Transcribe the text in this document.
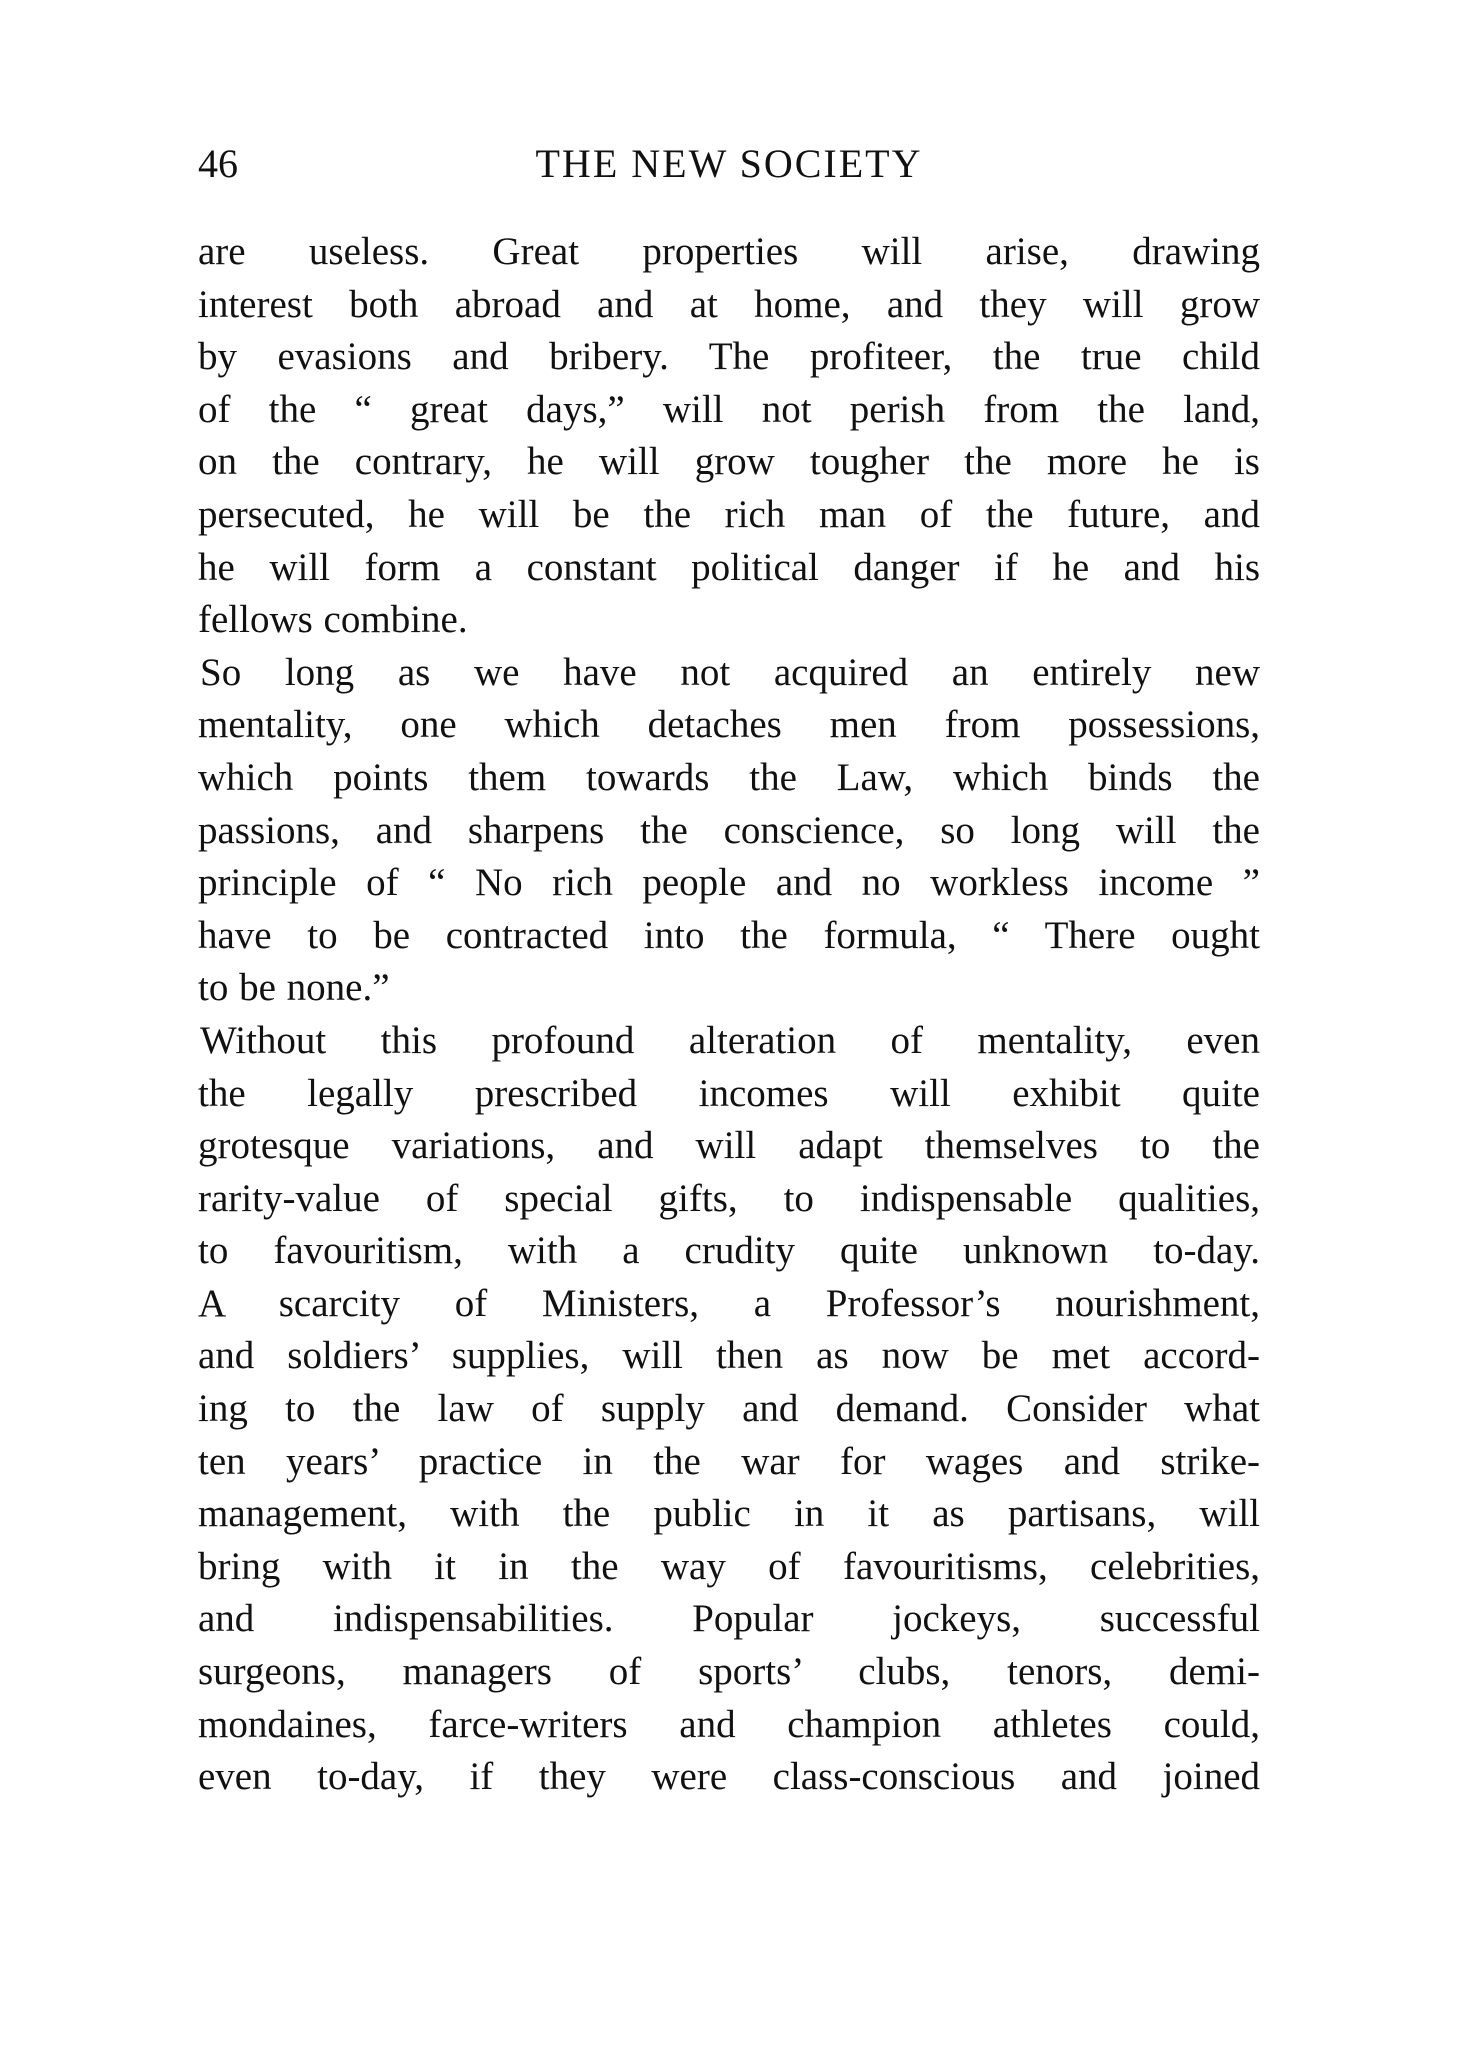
46	THE NEW SOCIETY
are useless. Great properties will arise, drawing
interest both abroad and at home, and they will grow
by evasions and bribery. The profiteer, the true child
of the “ great days,” will not perish from the land,
on the contrary, he will grow tougher the more he is
persecuted, he will be the rich man of the future, and
he will form a constant political danger if he and his
fellows combine.
So long as we have not acquired an entirely new
mentality, one which detaches men from possessions,
which points them towards the Law, which binds the
passions, and sharpens the conscience, so long will the
principle of “ No rich people and no workless income ”
have to be contracted into the formula, “ There ought
to be none.”
Without this profound alteration of mentality, even
the legally prescribed incomes will exhibit quite
grotesque variations, and will adapt themselves to the
rarity-value of special gifts, to indispensable qualities,
to favouritism, with a crudity quite unknown to-day.
A scarcity of Ministers, a Professor’s nourishment,
and soldiers’ supplies, will then as now be met accord-
ing to the law of supply and demand. Consider what
ten years’ practice in the war for wages and strike-
management, with the public in it as partisans, will
bring with it in the way of favouritisms, celebrities,
and indispensabilities. Popular jockeys, successful
surgeons, managers of sports’ clubs, tenors, demi-
mondaines, farce-writers and champion athletes could,
even to-day, if they were class-conscious and joined
